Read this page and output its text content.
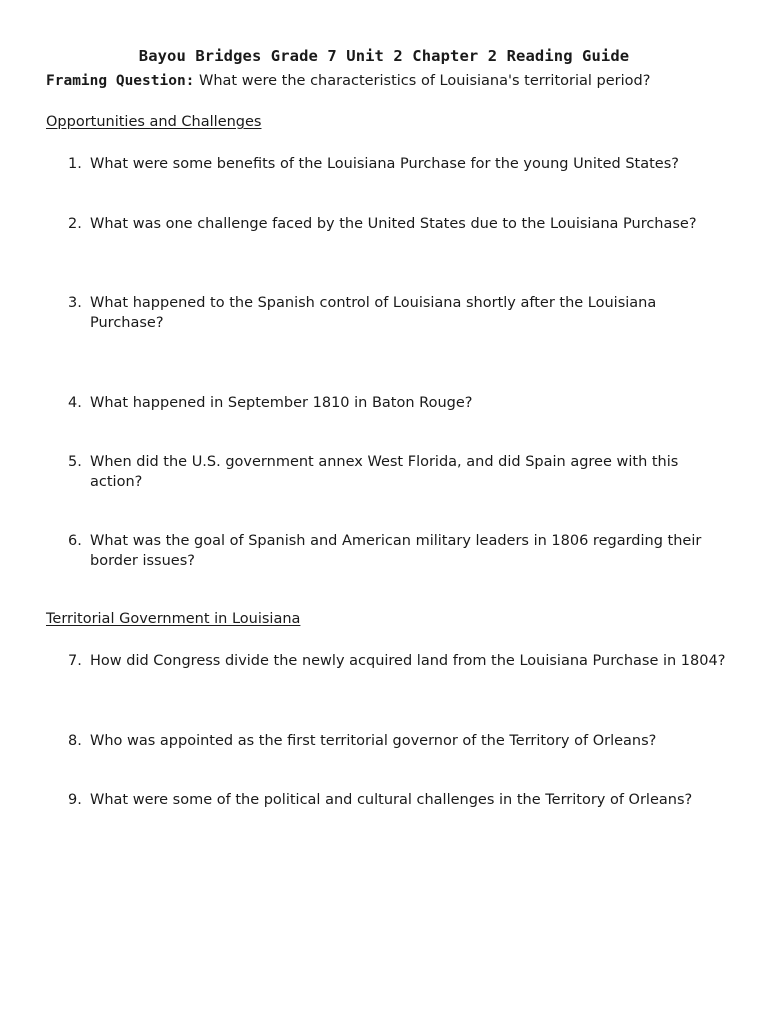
Bayou Bridges Grade 7 Unit 2 Chapter 2 Reading Guide
Framing Question: What were the characteristics of Louisiana's territorial period?
Opportunities and Challenges
1. What were some benefits of the Louisiana Purchase for the young United States?
2. What was one challenge faced by the United States due to the Louisiana Purchase?
3. What happened to the Spanish control of Louisiana shortly after the Louisiana Purchase?
4. What happened in September 1810 in Baton Rouge?
5. When did the U.S. government annex West Florida, and did Spain agree with this action?
6. What was the goal of Spanish and American military leaders in 1806 regarding their border issues?
Territorial Government in Louisiana
7. How did Congress divide the newly acquired land from the Louisiana Purchase in 1804?
8. Who was appointed as the first territorial governor of the Territory of Orleans?
9. What were some of the political and cultural challenges in the Territory of Orleans?
